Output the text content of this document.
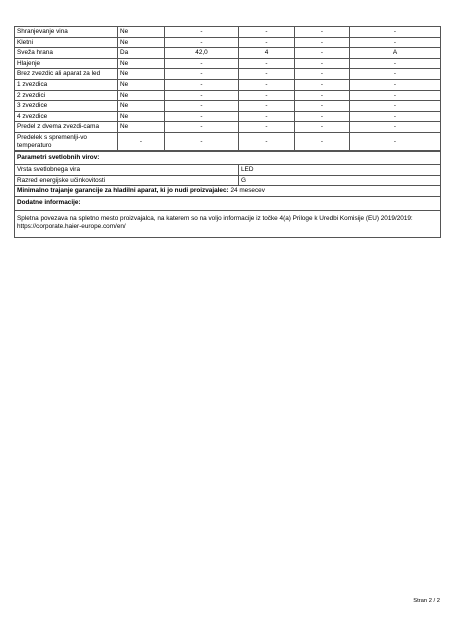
Shranjevanje vina	Ne	-	-	-	-
Kletni	Ne	-	-	-	-
Sveža hrana	Da	42,0	4	-	A
Hlajenje	Ne	-	-	-	-
Brez zvezdic ali aparat za led	Ne	-	-	-	-
1 zvezdica	Ne	-	-	-	-
2 zvezdici	Ne	-	-	-	-
3 zvezdice	Ne	-	-	-	-
4 zvezdice	Ne	-	-	-	-
Predel z dvema zvezdi-cama	Ne	-	-	-	-
Predelek s spremenlji-vo temperaturo	-	-	-	-	-
Parametri svetlobnih virov:	
Vrsta svetlobnega vira	LED
Razred energijske učinkovitosti	G
Minimalno trajanje garancije za hladilni aparat, ki jo nudi proizvajalec: 24 mesecev	
Dodatne informacije:	
Spletna povezava na spletno mesto proizvajalca, na katerem so na voljo informacije iz točke 4(a) Priloge k Uredbi Komisije (EU) 2019/2019: https://corporate.haier-europe.com/en/	
Stran 2 / 2
